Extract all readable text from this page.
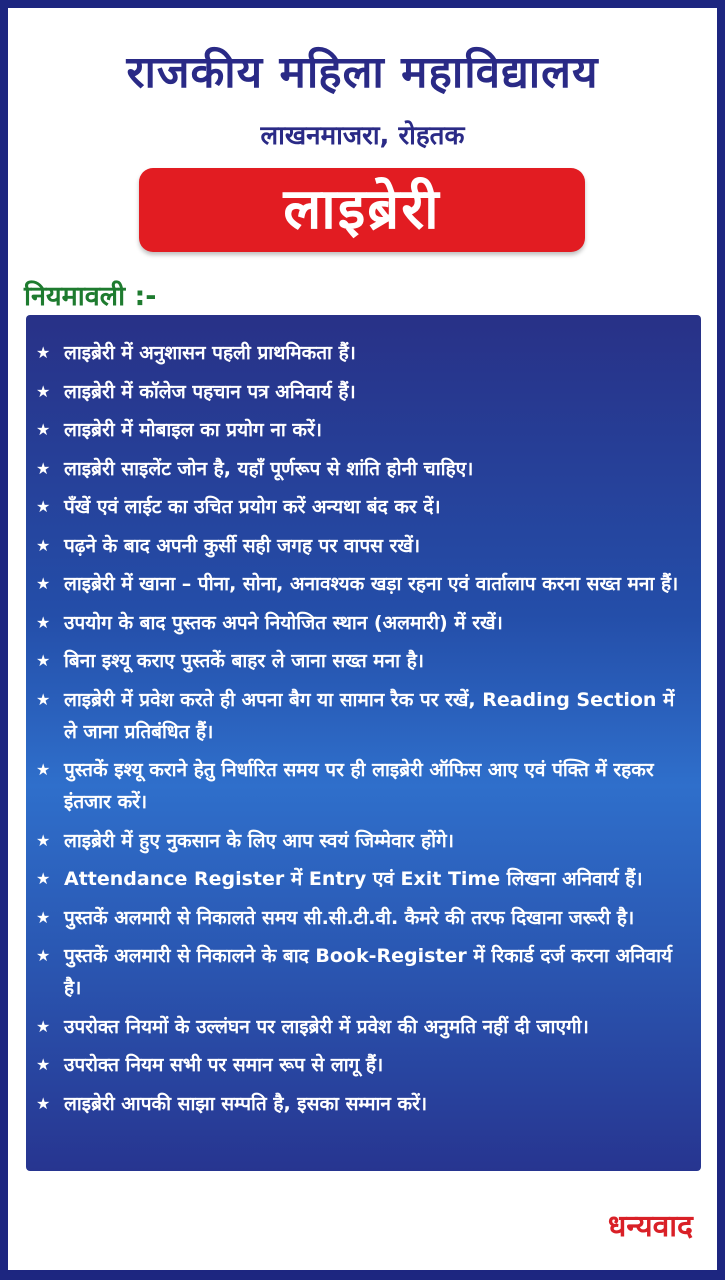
राजकीय महिला महाविद्यालय
लाखनमाजरा, रोहतक
लाइब्रेरी
नियमावली :-
★ लाइब्रेरी में अनुशासन पहली प्राथमिकता हैं।
★ लाइब्रेरी में कॉलेज पहचान पत्र अनिवार्य हैं।
★ लाइब्रेरी में मोबाइल का प्रयोग ना करें।
★ लाइब्रेरी साइलेंट जोन है, यहाँ पूर्णरूप से शांति होनी चाहिए।
★ पँखें एवं लाईट का उचित प्रयोग करें अन्यथा बंद कर दें।
★ पढ़ने के बाद अपनी कुर्सी सही जगह पर वापस रखें।
★ लाइब्रेरी में खाना – पीना, सोना, अनावश्यक खड़ा रहना एवं वार्तालाप करना सख्त मना हैं।
★ उपयोग के बाद पुस्तक अपने नियोजित स्थान (अलमारी) में रखें।
★ बिना इश्यू कराए पुस्तकें बाहर ले जाना सख्त मना है।
★ लाइब्रेरी में प्रवेश करते ही अपना बैग या सामान रैक पर रखें, Reading Section में ले जाना प्रतिबंधित हैं।
★ पुस्तकें इश्यू कराने हेतु निर्धारित समय पर ही लाइब्रेरी ऑफिस आए एवं पंक्ति में रहकर इंतजार करें।
★ लाइब्रेरी में हुए नुकसान के लिए आप स्वयं जिम्मेवार होंगे।
★ Attendance Register में Entry एवं Exit Time लिखना अनिवार्य हैं।
★ पुस्तकें अलमारी से निकालते समय सी.सी.टी.वी. कैमरे की तरफ दिखाना जरूरी है।
★ पुस्तकें अलमारी से निकालने के बाद Book-Register में रिकार्ड दर्ज करना अनिवार्य है।
★ उपरोक्त नियमों के उल्लंघन पर लाइब्रेरी में प्रवेश की अनुमति नहीं दी जाएगी।
★ उपरोक्त नियम सभी पर समान रूप से लागू हैं।
★ लाइब्रेरी आपकी साझा सम्पति है, इसका सम्मान करें।
धन्यवाद
